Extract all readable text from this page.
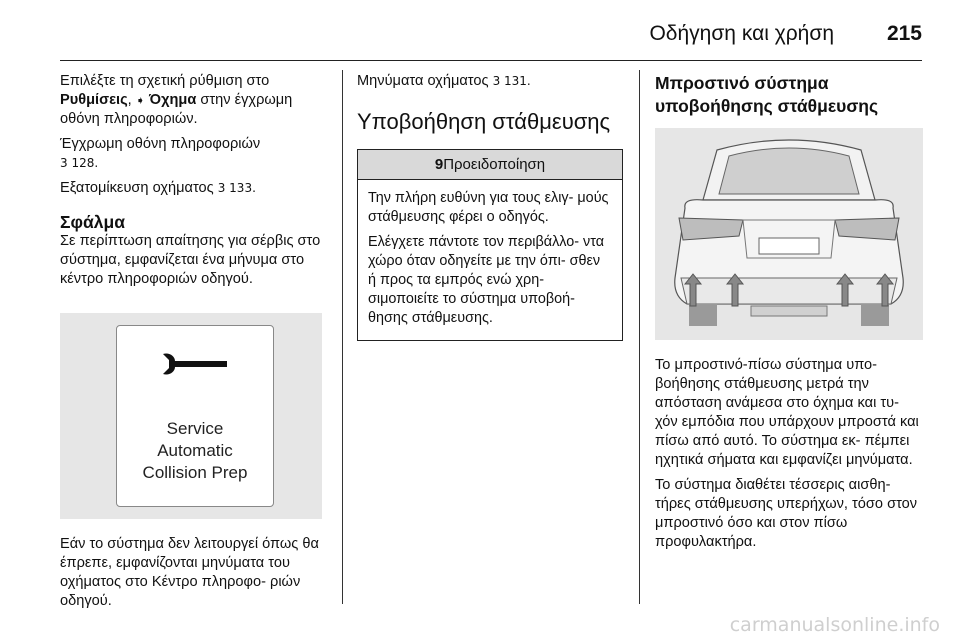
Οδήγηση και χρήση	215

Επιλέξτε τη σχετική ρύθμιση στο
Ρυθμίσεις, ➧ Όχημα στην έγχρωμη οθόνη πληροφοριών.

Έγχρωμη οθόνη πληροφοριών
3 128.

Εξατομίκευση οχήματος 3 133.

Σφάλμα

Σε περίπτωση απαίτησης για σέρβις στο σύστημα, εμφανίζεται ένα μήνυμα στο κέντρο πληροφοριών οδηγού.

Service
Automatic
Collision Prep

Εάν το σύστημα δεν λειτουργεί όπως θα έπρεπε, εμφανίζονται μηνύματα του οχήματος στο Κέντρο πληροφο- ριών οδηγού.

Μηνύματα οχήματος 3 131.

Υποβοήθηση στάθμευσης
9Προειδοποίηση

Την πλήρη ευθύνη για τους ελιγ- μούς στάθμευσης φέρει ο οδηγός.

Ελέγχετε πάντοτε τον περιβάλλο- ντα χώρο όταν οδηγείτε με την όπι- σθεν ή προς τα εμπρός ενώ χρη- σιμοποιείτε το σύστημα υποβοή- θησης στάθμευσης.

Μπροστινό σύστημα υποβοήθησης στάθμευσης

Το μπροστινό-πίσω σύστημα υπο- βοήθησης στάθμευσης μετρά την απόσταση ανάμεσα στο όχημα και τυ- χόν εμπόδια που υπάρχουν μπροστά και πίσω από αυτό. Το σύστημα εκ- πέμπει ηχητικά σήματα και εμφανίζει μηνύματα.

Το σύστημα διαθέτει τέσσερις αισθη- τήρες στάθμευσης υπερήχων, τόσο στον μπροστινό όσο και στον πίσω προφυλακτήρα.

carmanualsonline.info
